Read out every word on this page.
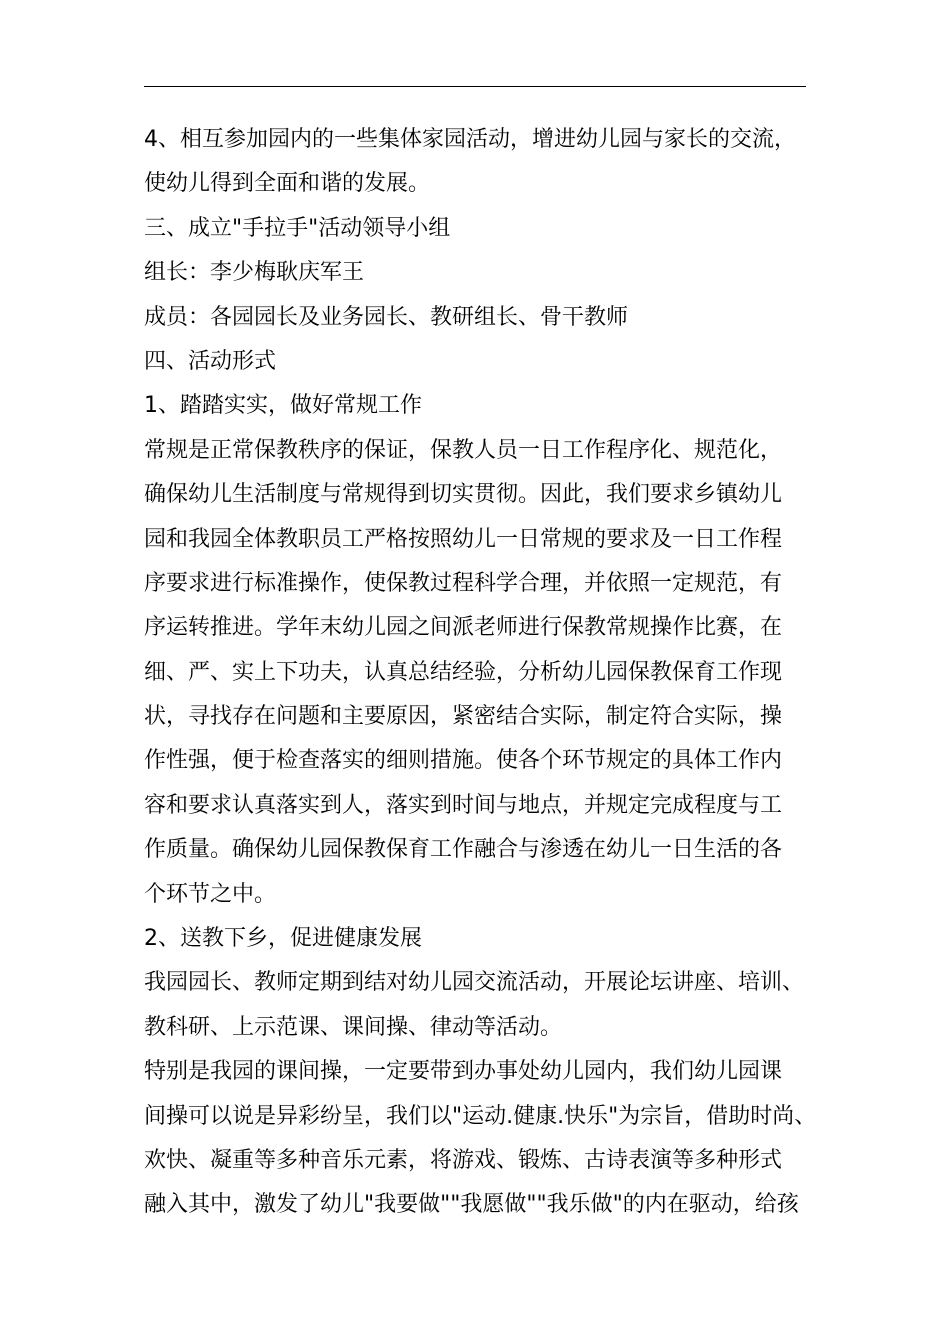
4、相互参加园内的一些集体家园活动，增进幼儿园与家长的交流，
使幼儿得到全面和谐的发展。
三、成立"手拉手"活动领导小组
组长：李少梅耿庆军王
成员：各园园长及业务园长、教研组长、骨干教师
四、活动形式
1、踏踏实实，做好常规工作
常规是正常保教秩序的保证，保教人员一日工作程序化、规范化，
确保幼儿生活制度与常规得到切实贯彻。因此，我们要求乡镇幼儿
园和我园全体教职员工严格按照幼儿一日常规的要求及一日工作程
序要求进行标准操作，使保教过程科学合理，并依照一定规范，有
序运转推进。学年末幼儿园之间派老师进行保教常规操作比赛，在
细、严、实上下功夫，认真总结经验，分析幼儿园保教保育工作现
状，寻找存在问题和主要原因，紧密结合实际，制定符合实际，操
作性强，便于检查落实的细则措施。使各个环节规定的具体工作内
容和要求认真落实到人，落实到时间与地点，并规定完成程度与工
作质量。确保幼儿园保教保育工作融合与渗透在幼儿一日生活的各
个环节之中。
2、送教下乡，促进健康发展
我园园长、教师定期到结对幼儿园交流活动，开展论坛讲座、培训、
教科研、上示范课、课间操、律动等活动。
特别是我园的课间操，一定要带到办事处幼儿园内，我们幼儿园课
间操可以说是异彩纷呈，我们以"运动.健康.快乐"为宗旨，借助时尚、
欢快、凝重等多种音乐元素，将游戏、锻炼、古诗表演等多种形式
融入其中，激发了幼儿"我要做""我愿做""我乐做"的内在驱动，给孩
